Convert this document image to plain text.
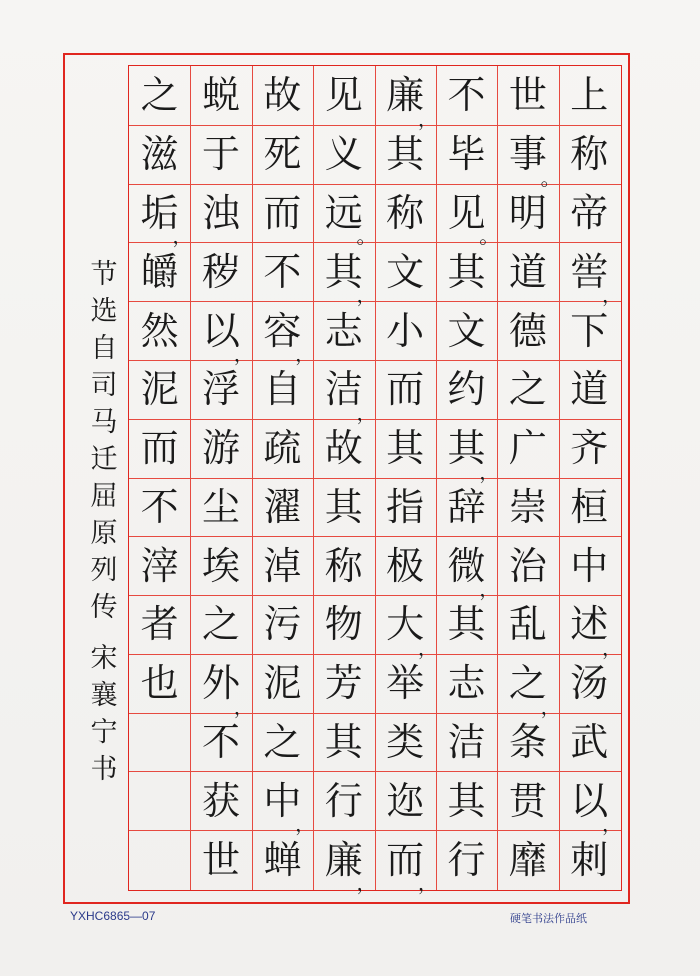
上
称
帝
喾
，
下
道
齐
桓
中
述
，
汤
武
以
，
刺
世
事
。
明
道
德
之
广
崇
治
乱
之
，
条
贯
靡
不
毕
见
。
其
文
约
其
，
辞
微
，
其
志
洁
其
行
廉
，
其
称
文
小
而
其
指
极
大
，
举
类
迩
而
，
见
义
远
。
其
，
志
洁
，
故
其
称
物
芳
其
行
廉
，
故
死
而
不
容
，
自
疏
濯
淖
污
泥
之
中
，
蝉
蜕
于
浊
秽
以
，
浮
游
尘
埃
之
外
，
不
获
世
之
滋
垢
，
皭
然
泥
而
不
滓
者
也
节
选
自
司
马
迁
屈
原
列
传
宋
襄
宁
书
YXHC6865—07	硬笔书法作品纸
